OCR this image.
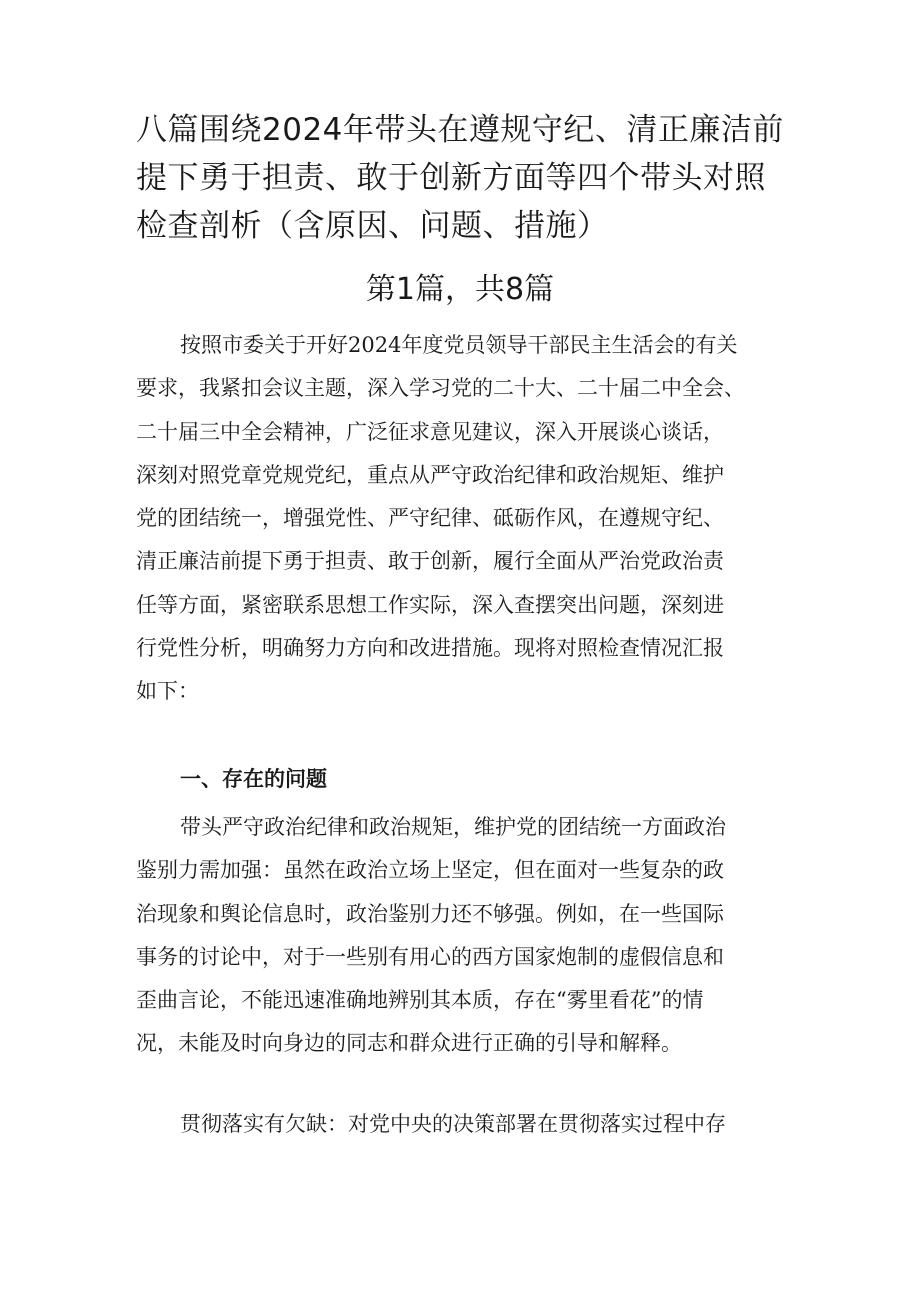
八篇围绕2024年带头在遵规守纪、清正廉洁前
提下勇于担责、敢于创新方面等四个带头对照
检查剖析（含原因、问题、措施）
第1篇，共8篇
按照市委关于开好2024年度党员领导干部民主生活会的有关
要求，我紧扣会议主题，深入学习党的二十大、二十届二中全会、
二十届三中全会精神，广泛征求意见建议，深入开展谈心谈话，
深刻对照党章党规党纪，重点从严守政治纪律和政治规矩、维护
党的团结统一，增强党性、严守纪律、砥砺作风，在遵规守纪、
清正廉洁前提下勇于担责、敢于创新，履行全面从严治党政治责
任等方面，紧密联系思想工作实际，深入查摆突出问题，深刻进
行党性分析，明确努力方向和改进措施。现将对照检查情况汇报
如下：
一、存在的问题
带头严守政治纪律和政治规矩，维护党的团结统一方面政治
鉴别力需加强：虽然在政治立场上坚定，但在面对一些复杂的政
治现象和舆论信息时，政治鉴别力还不够强。例如，在一些国际
事务的讨论中，对于一些别有用心的西方国家炮制的虚假信息和
歪曲言论，不能迅速准确地辨别其本质，存在“雾里看花”的情
况，未能及时向身边的同志和群众进行正确的引导和解释。
贯彻落实有欠缺：对党中央的决策部署在贯彻落实过程中存
